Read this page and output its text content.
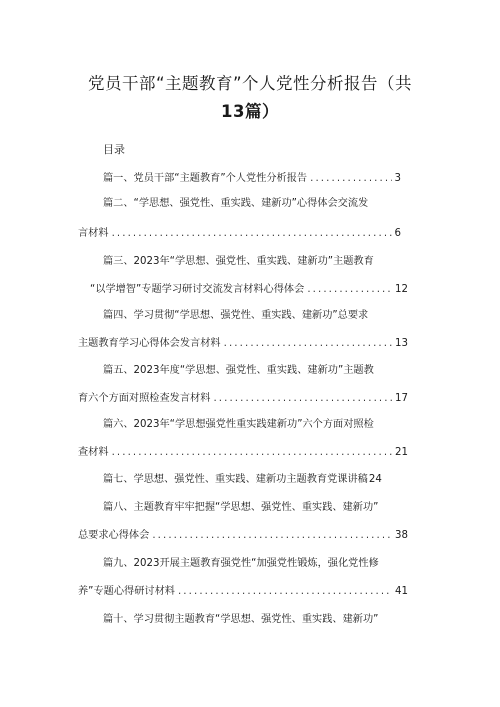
党员干部“主题教育”个人党性分析报告（共
13篇）
目录
篇一、党员干部“主题教育”个人党性分析报告 .....	3
篇二、“学思想、强党性、重实践、建新功”心得体会交流发
言材料 .....	6
篇三、2023年“学思想、强党性、重实践、建新功”主题教育
“以学增智”专题学习研讨交流发言材料心得体会 .....	12
篇四、学习贯彻“学思想、强党性、重实践、建新功”总要求
主题教育学习心得体会发言材料 .....	13
篇五、2023年度“学思想、强党性、重实践、建新功”主题教
育六个方面对照检查发言材料 .....	17
篇六、2023年“学思想强党性重实践建新功”六个方面对照检
查材料 .....	21
篇七、学思想、强党性、重实践、建新功主题教育党课讲稿 24
篇八、主题教育牢牢把握“学思想、强党性、重实践、建新功”
总要求心得体会 .....	38
篇九、2023开展主题教育强党性“加强党性锻炼，强化党性修
养”专题心得研讨材料 .....	41
篇十、学习贯彻主题教育“学思想、强党性、重实践、建新功”
